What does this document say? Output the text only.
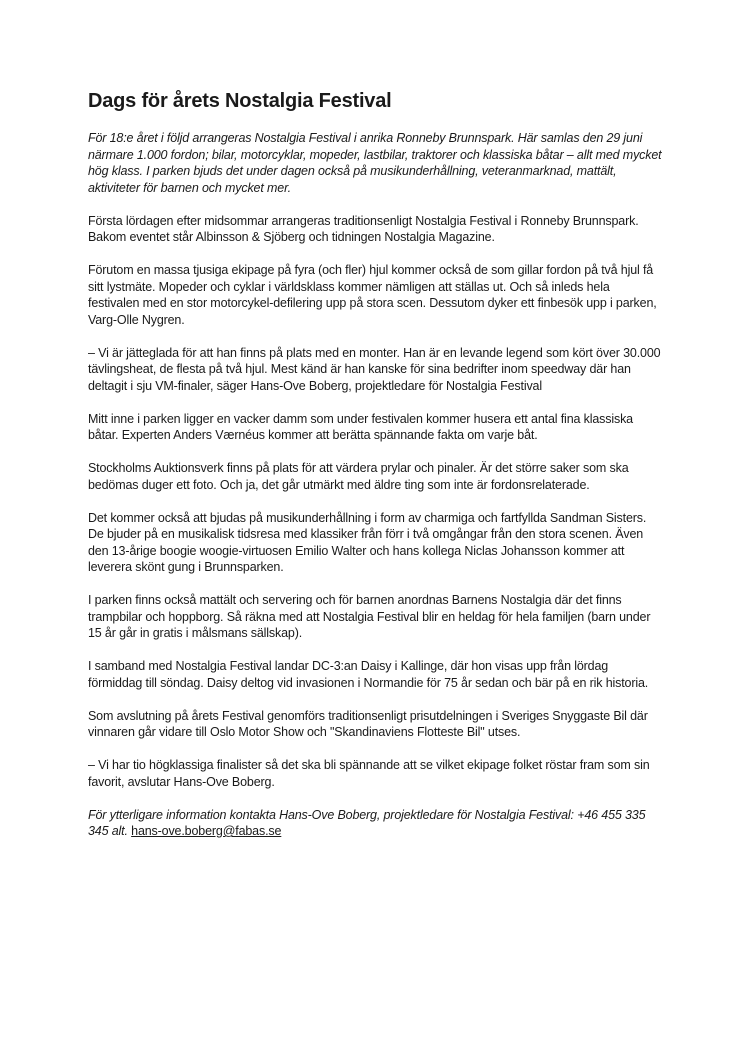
Dags för årets Nostalgia Festival

För 18:e året i följd arrangeras Nostalgia Festival i anrika Ronneby Brunnspark. Här samlas den 29 juni närmare 1.000 fordon; bilar, motorcyklar, mopeder, lastbilar, traktorer och klassiska båtar – allt med mycket hög klass. I parken bjuds det under dagen också på musikunderhållning, veteranmarknad, mattält, aktiviteter för barnen och mycket mer.

Första lördagen efter midsommar arrangeras traditionsenligt Nostalgia Festival i Ronneby Brunnspark. Bakom eventet står Albinsson & Sjöberg och tidningen Nostalgia Magazine.

Förutom en massa tjusiga ekipage på fyra (och fler) hjul kommer också de som gillar fordon på två hjul få sitt lystmäte. Mopeder och cyklar i världsklass kommer nämligen att ställas ut. Och så inleds hela festivalen med en stor motorcykel-defilering upp på stora scen. Dessutom dyker ett finbesök upp i parken, Varg-Olle Nygren.

– Vi är jätteglada för att han finns på plats med en monter. Han är en levande legend som kört över 30.000 tävlingsheat, de flesta på två hjul. Mest känd är han kanske för sina bedrifter inom speedway där han deltagit i sju VM-finaler, säger Hans-Ove Boberg, projektledare för Nostalgia Festival

Mitt inne i parken ligger en vacker damm som under festivalen kommer husera ett antal fina klassiska båtar. Experten Anders Værnéus kommer att berätta spännande fakta om varje båt.

Stockholms Auktionsverk finns på plats för att värdera prylar och pinaler. Är det större saker som ska bedömas duger ett foto. Och ja, det går utmärkt med äldre ting som inte är fordonsrelaterade.

Det kommer också att bjudas på musikunderhållning i form av charmiga och fartfyllda Sandman Sisters. De bjuder på en musikalisk tidsresa med klassiker från förr i två omgångar från den stora scenen. Även den 13-årige boogie woogie-virtuosen Emilio Walter och hans kollega Niclas Johansson kommer att leverera skönt gung i Brunnsparken.

I parken finns också mattält och servering och för barnen anordnas Barnens Nostalgia där det finns trampbilar och hoppborg. Så räkna med att Nostalgia Festival blir en heldag för hela familjen (barn under 15 år går in gratis i målsmans sällskap).

I samband med Nostalgia Festival landar DC-3:an Daisy i Kallinge, där hon visas upp från lördag förmiddag till söndag. Daisy deltog vid invasionen i Normandie för 75 år sedan och bär på en rik historia.

Som avslutning på årets Festival genomförs traditionsenligt prisutdelningen i Sveriges Snyggaste Bil där vinnaren går vidare till Oslo Motor Show och "Skandinaviens Flotteste Bil" utses.

– Vi har tio högklassiga finalister så det ska bli spännande att se vilket ekipage folket röstar fram som sin favorit, avslutar Hans-Ove Boberg.

För ytterligare information kontakta Hans-Ove Boberg, projektledare för Nostalgia Festival: +46 455 335 345 alt. hans-ove.boberg@fabas.se
